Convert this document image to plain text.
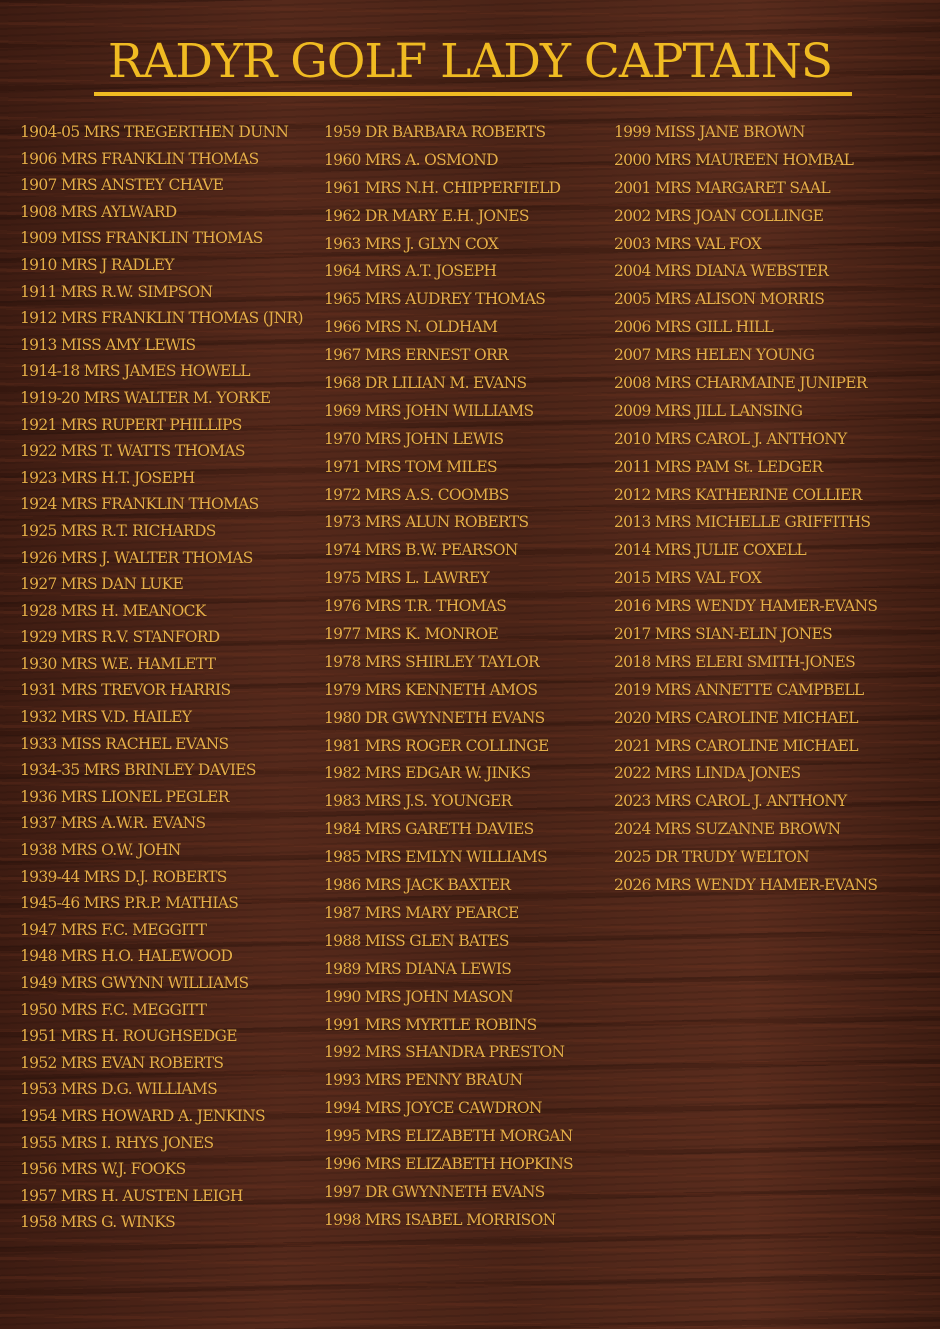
RADYR GOLF LADY CAPTAINS
1904-05 MRS TREGERTHEN DUNN
1906 MRS FRANKLIN THOMAS
1907 MRS ANSTEY CHAVE
1908 MRS AYLWARD
1909 MISS FRANKLIN THOMAS
1910 MRS J RADLEY
1911 MRS R.W. SIMPSON
1912 MRS FRANKLIN THOMAS (JNR)
1913 MISS AMY LEWIS
1914-18 MRS JAMES HOWELL
1919-20 MRS WALTER M. YORKE
1921 MRS RUPERT PHILLIPS
1922 MRS T. WATTS THOMAS
1923 MRS H.T. JOSEPH
1924 MRS FRANKLIN THOMAS
1925 MRS R.T. RICHARDS
1926 MRS J. WALTER THOMAS
1927 MRS DAN LUKE
1928 MRS H. MEANOCK
1929 MRS R.V. STANFORD
1930 MRS W.E. HAMLETT
1931 MRS TREVOR HARRIS
1932 MRS V.D. HAILEY
1933 MISS RACHEL EVANS
1934-35 MRS BRINLEY DAVIES
1936 MRS LIONEL PEGLER
1937 MRS A.W.R. EVANS
1938 MRS O.W. JOHN
1939-44 MRS D.J. ROBERTS
1945-46 MRS P.R.P. MATHIAS
1947 MRS F.C. MEGGITT
1948 MRS H.O. HALEWOOD
1949 MRS GWYNN WILLIAMS
1950 MRS F.C. MEGGITT
1951 MRS H. ROUGHSEDGE
1952 MRS EVAN ROBERTS
1953 MRS D.G. WILLIAMS
1954 MRS HOWARD A. JENKINS
1955 MRS I. RHYS JONES
1956 MRS W.J. FOOKS
1957 MRS H. AUSTEN LEIGH
1958 MRS G. WINKS
1959 DR BARBARA ROBERTS
1960 MRS A. OSMOND
1961 MRS N.H. CHIPPERFIELD
1962 DR MARY E.H. JONES
1963 MRS J. GLYN COX
1964 MRS A.T. JOSEPH
1965 MRS AUDREY THOMAS
1966 MRS N. OLDHAM
1967 MRS ERNEST ORR
1968 DR LILIAN M. EVANS
1969 MRS JOHN WILLIAMS
1970 MRS JOHN LEWIS
1971 MRS TOM MILES
1972 MRS A.S. COOMBS
1973 MRS ALUN ROBERTS
1974 MRS B.W. PEARSON
1975 MRS L. LAWREY
1976 MRS T.R. THOMAS
1977 MRS K. MONROE
1978 MRS SHIRLEY TAYLOR
1979 MRS KENNETH AMOS
1980 DR GWYNNETH EVANS
1981 MRS ROGER COLLINGE
1982 MRS EDGAR W. JINKS
1983 MRS J.S. YOUNGER
1984 MRS GARETH DAVIES
1985 MRS EMLYN WILLIAMS
1986 MRS JACK BAXTER
1987 MRS MARY PEARCE
1988 MISS GLEN BATES
1989 MRS DIANA LEWIS
1990 MRS JOHN MASON
1991 MRS MYRTLE ROBINS
1992 MRS SHANDRA PRESTON
1993 MRS PENNY BRAUN
1994 MRS JOYCE CAWDRON
1995 MRS ELIZABETH MORGAN
1996 MRS ELIZABETH HOPKINS
1997 DR GWYNNETH EVANS
1998 MRS ISABEL MORRISON
1999 MISS JANE BROWN
2000 MRS MAUREEN HOMBAL
2001 MRS MARGARET SAAL
2002 MRS JOAN COLLINGE
2003 MRS VAL FOX
2004 MRS DIANA WEBSTER
2005 MRS ALISON MORRIS
2006 MRS GILL HILL
2007 MRS HELEN YOUNG
2008 MRS CHARMAINE JUNIPER
2009 MRS JILL LANSING
2010 MRS CAROL J. ANTHONY
2011 MRS PAM St. LEDGER
2012 MRS KATHERINE COLLIER
2013 MRS MICHELLE GRIFFITHS
2014 MRS JULIE COXELL
2015 MRS VAL FOX
2016 MRS WENDY HAMER-EVANS
2017 MRS SIAN-ELIN JONES
2018 MRS ELERI SMITH-JONES
2019 MRS ANNETTE CAMPBELL
2020 MRS CAROLINE MICHAEL
2021 MRS CAROLINE MICHAEL
2022 MRS LINDA JONES
2023 MRS CAROL J. ANTHONY
2024 MRS SUZANNE BROWN
2025 DR TRUDY WELTON
2026 MRS WENDY HAMER-EVANS
